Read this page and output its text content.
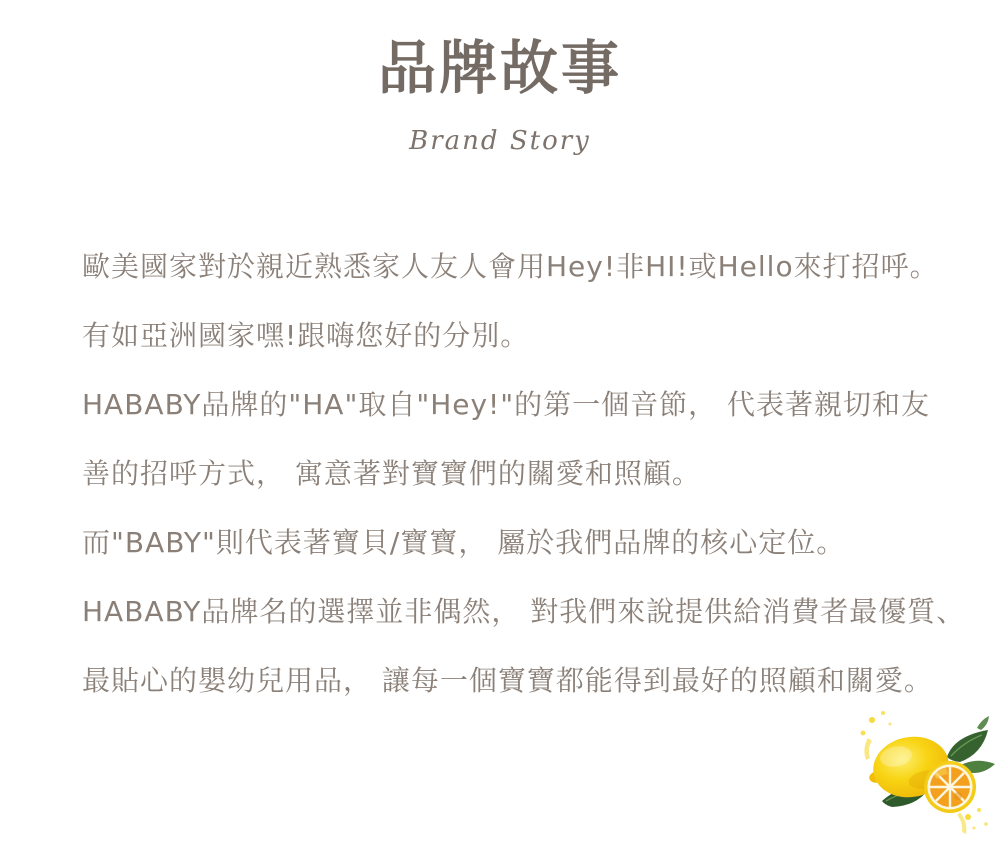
品牌故事
Brand Story

歐美國家對於親近熟悉家人友人會用Hey!非HI!或Hello來打招呼。

有如亞洲國家嘿!跟嗨您好的分別。

HABABY品牌的"HA"取自"Hey!"的第一個音節， 代表著親切和友

善的招呼方式， 寓意著對寶寶們的關愛和照顧。

而"BABY"則代表著寶貝/寶寶， 屬於我們品牌的核心定位。

HABABY品牌名的選擇並非偶然， 對我們來說提供給消費者最優質、

最貼心的嬰幼兒用品， 讓每一個寶寶都能得到最好的照顧和關愛。
